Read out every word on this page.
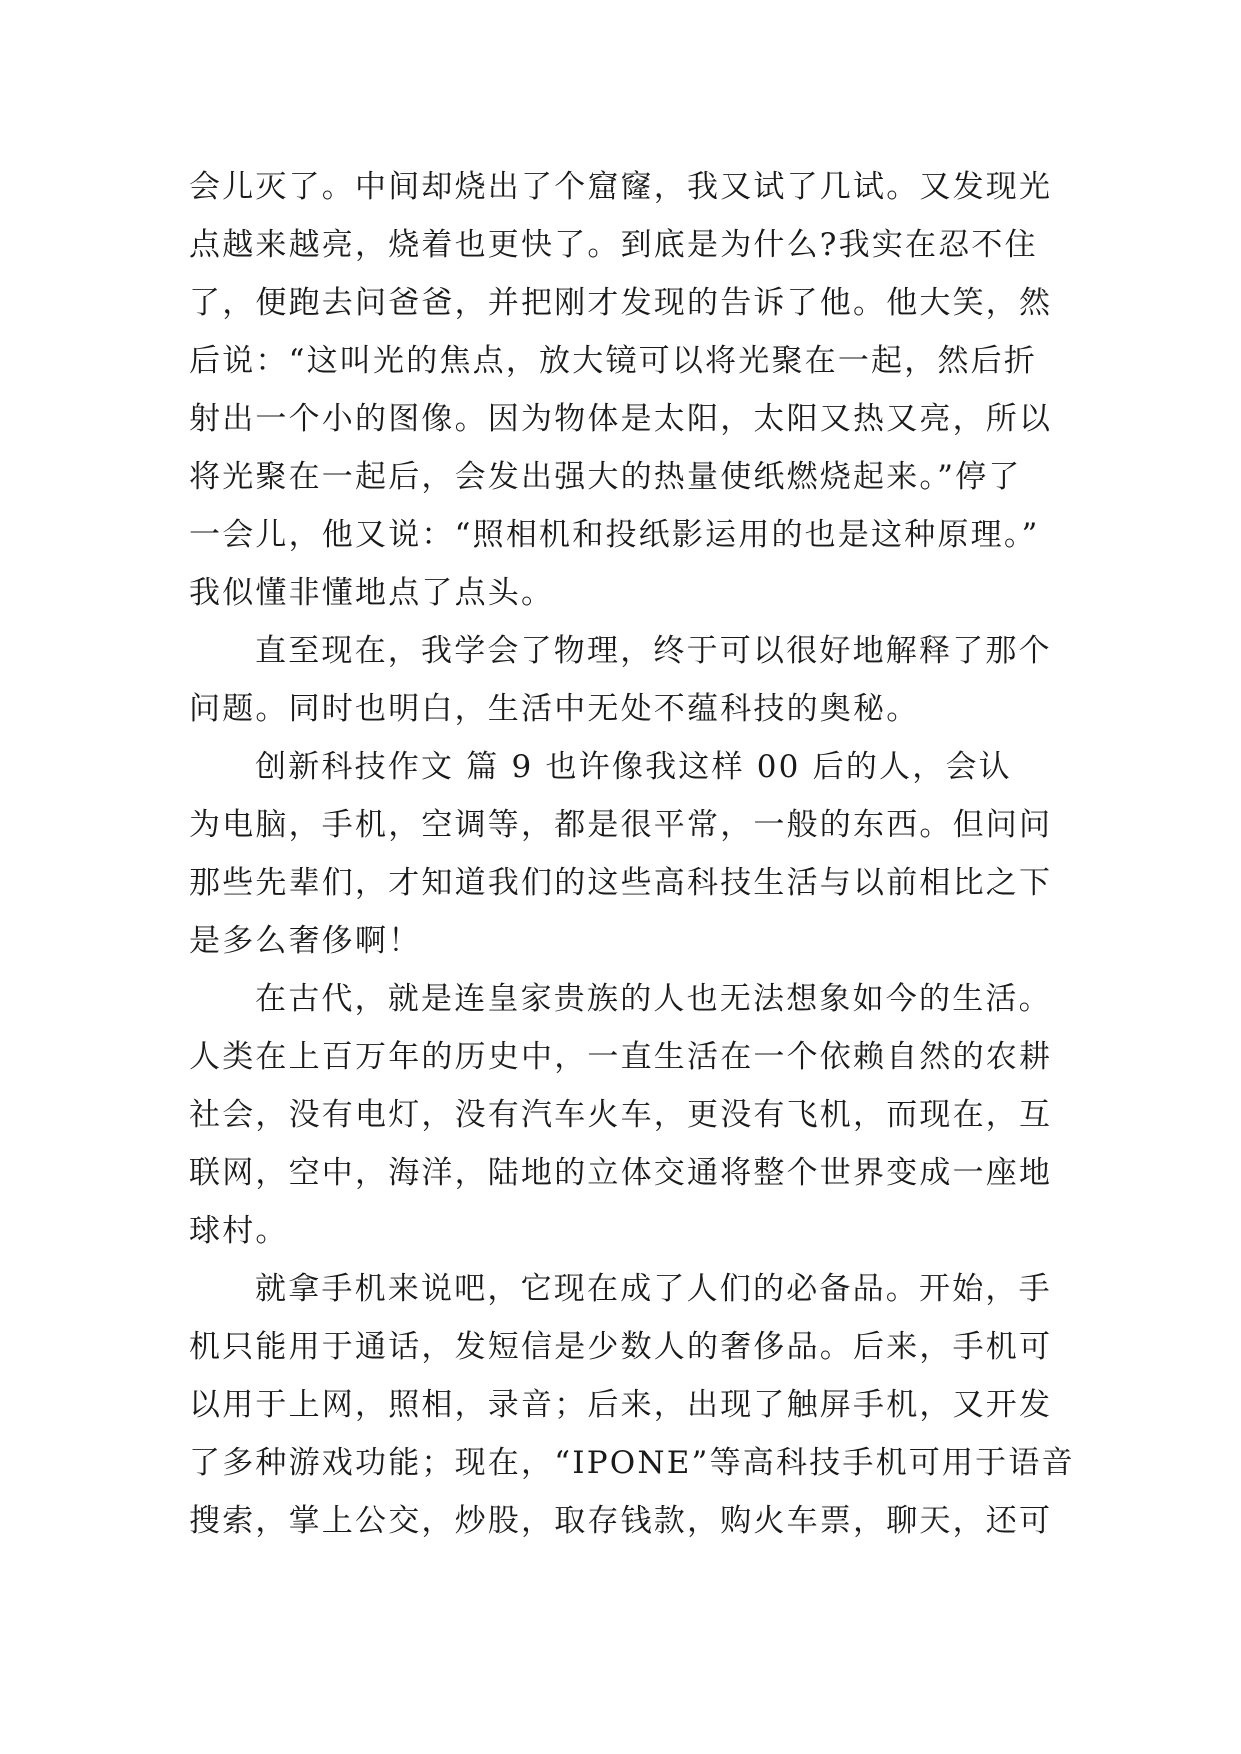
会儿灭了。中间却烧出了个窟窿，我又试了几试。又发现光
点越来越亮，烧着也更快了。到底是为什么?我实在忍不住
了，便跑去问爸爸，并把刚才发现的告诉了他。他大笑，然
后说：“这叫光的焦点，放大镜可以将光聚在一起，然后折
射出一个小的图像。因为物体是太阳，太阳又热又亮，所以
将光聚在一起后，会发出强大的热量使纸燃烧起来。”停了
一会儿，他又说：“照相机和投纸影运用的也是这种原理。”
我似懂非懂地点了点头。
直至现在，我学会了物理，终于可以很好地解释了那个
问题。同时也明白，生活中无处不蕴科技的奥秘。
创新科技作文 篇 9 也许像我这样 00 后的人，会认
为电脑，手机，空调等，都是很平常，一般的东西。但问问
那些先辈们，才知道我们的这些高科技生活与以前相比之下
是多么奢侈啊！
在古代，就是连皇家贵族的人也无法想象如今的生活。
人类在上百万年的历史中，一直生活在一个依赖自然的农耕
社会，没有电灯，没有汽车火车，更没有飞机，而现在，互
联网，空中，海洋，陆地的立体交通将整个世界变成一座地
球村。
就拿手机来说吧，它现在成了人们的必备品。开始，手
机只能用于通话，发短信是少数人的奢侈品。后来，手机可
以用于上网，照相，录音；后来，出现了触屏手机，又开发
了多种游戏功能；现在，“IPONE”等高科技手机可用于语音
搜索，掌上公交，炒股，取存钱款，购火车票，聊天，还可
